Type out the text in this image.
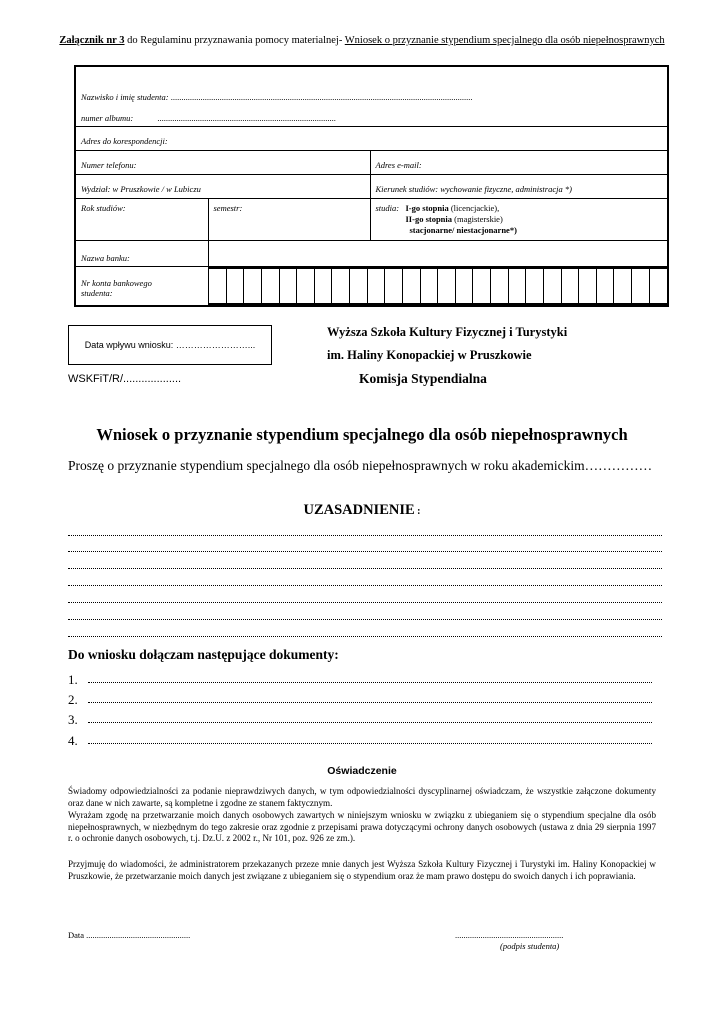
Załącznik nr 3 do Regulaminu przyznawania pomocy materialnej- Wniosek o przyznanie stypendium specjalnego dla osób niepełnosprawnych
Nazwisko i imię studenta: ..............................................................................................................................................

numer albumu:	....................................................................................

Adres do korespondencji:
Numer telefonu:	Adres e-mail:
Wydział: w Pruszkowie / w Lubiczu	Kierunek studiów: wychowanie fizyczne, administracja *)
Rok studiów:	semestr:	studia: I-go stopnia (licencjackie),
II-go stopnia (magisterskie)
stacjonarne/ niestacjonarne*)

Nazwa banku:	
Nr konta bankowego
studenta:	

Data wpływu wniosku: ……………………...
Wyższa Szkoła Kultury Fizycznej i Turystyki
im. Haliny Konopackiej w Pruszkowie
Komisja Stypendialna
WSKFiT/R/...................
Wniosek o przyznanie stypendium specjalnego dla osób niepełnosprawnych
Proszę o przyznanie stypendium specjalnego dla osób niepełnosprawnych w roku akademickim……………
UZASADNIENIE :
Do wniosku dołączam następujące dokumenty:
1.
2.
3.
4.
Oświadczenie
Świadomy odpowiedzialności za podanie nieprawdziwych danych, w tym odpowiedzialności dyscyplinarnej oświadczam, że wszystkie załączone dokumenty oraz dane w nich zawarte, są kompletne i zgodne ze stanem faktycznym.
Wyrażam zgodę na przetwarzanie moich danych osobowych zawartych w niniejszym wniosku w związku z ubieganiem się o stypendium specjalne dla osób niepełnosprawnych, w niezbędnym do tego zakresie oraz zgodnie z przepisami prawa dotyczącymi ochrony danych osobowych (ustawa z dnia 29 sierpnia 1997 r. o ochronie danych osobowych, t.j. Dz.U. z 2002 r., Nr 101, poz. 926 ze zm.).
Przyjmuję do wiadomości, że administratorem przekazanych przeze mnie danych jest Wyższa Szkoła Kultury Fizycznej i Turystyki im. Haliny Konopackiej w Pruszkowie, że przetwarzanie moich danych jest związane z ubieganiem się o stypendium oraz że mam prawo dostępu do swoich danych i ich poprawiania.
Data .................................................	...................................................
(podpis studenta)
